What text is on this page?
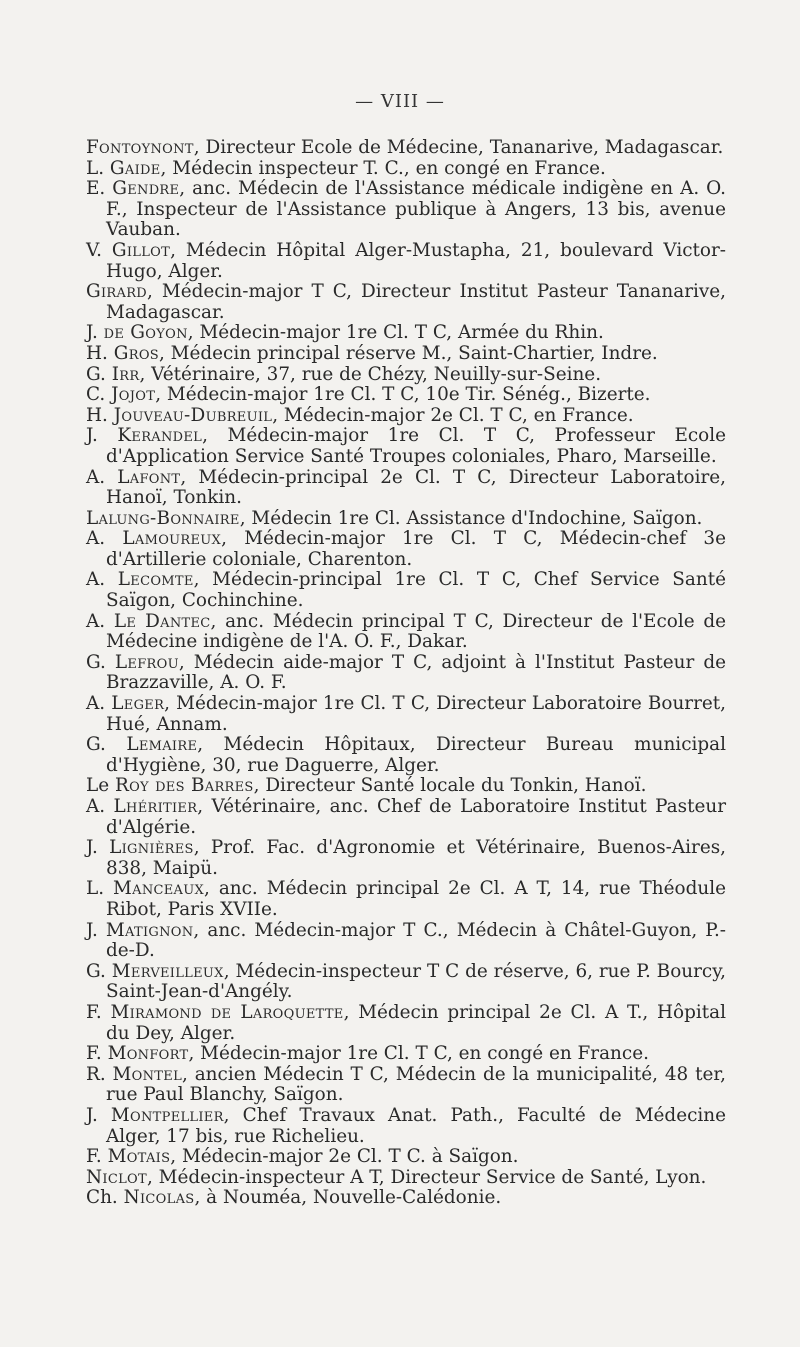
— VIII —
Fontoynont, Directeur Ecole de Médecine, Tananarive, Madagascar.
L. Gaide, Médecin inspecteur T. C., en congé en France.
E. Gendre, anc. Médecin de l'Assistance médicale indigène en A. O. F., Inspecteur de l'Assistance publique à Angers, 13 bis, avenue Vauban.
V. Gillot, Médecin Hôpital Alger-Mustapha, 21, boulevard Victor-Hugo, Alger.
Girard, Médecin-major T C, Directeur Institut Pasteur Tananarive, Madagascar.
J. de Goyon, Médecin-major 1re Cl. T C, Armée du Rhin.
H. Gros, Médecin principal réserve M., Saint-Chartier, Indre.
G. Irr, Vétérinaire, 37, rue de Chézy, Neuilly-sur-Seine.
C. Jojot, Médecin-major 1re Cl. T C, 10e Tir. Sénég., Bizerte.
H. Jouveau-Dubreuil, Médecin-major 2e Cl. T C, en France.
J. Kerandel, Médecin-major 1re Cl. T C, Professeur Ecole d'Application Service Santé Troupes coloniales, Pharo, Marseille.
A. Lafont, Médecin-principal 2e Cl. T C, Directeur Laboratoire, Hanoï, Tonkin.
Lalung-Bonnaire, Médecin 1re Cl. Assistance d'Indochine, Saïgon.
A. Lamoureux, Médecin-major 1re Cl. T C, Médecin-chef 3e d'Artillerie coloniale, Charenton.
A. Lecomte, Médecin-principal 1re Cl. T C, Chef Service Santé Saïgon, Cochinchine.
A. Le Dantec, anc. Médecin principal T C, Directeur de l'Ecole de Médecine indigène de l'A. O. F., Dakar.
G. Lefrou, Médecin aide-major T C, adjoint à l'Institut Pasteur de Brazzaville, A. O. F.
A. Leger, Médecin-major 1re Cl. T C, Directeur Laboratoire Bourret, Hué, Annam.
G. Lemaire, Médecin Hôpitaux, Directeur Bureau municipal d'Hygiène, 30, rue Daguerre, Alger.
Le Roy des Barres, Directeur Santé locale du Tonkin, Hanoï.
A. Lhéritier, Vétérinaire, anc. Chef de Laboratoire Institut Pasteur d'Algérie.
J. Lignières, Prof. Fac. d'Agronomie et Vétérinaire, Buenos-Aires, 838, Maipü.
L. Manceaux, anc. Médecin principal 2e Cl. A T, 14, rue Théodule Ribot, Paris XVIIe.
J. Matignon, anc. Médecin-major T C., Médecin à Châtel-Guyon, P.-de-D.
G. Merveilleux, Médecin-inspecteur T C de réserve, 6, rue P. Bourcy, Saint-Jean-d'Angély.
F. Miramond de Laroquette, Médecin principal 2e Cl. A T., Hôpital du Dey, Alger.
F. Monfort, Médecin-major 1re Cl. T C, en congé en France.
R. Montel, ancien Médecin T C, Médecin de la municipalité, 48 ter, rue Paul Blanchy, Saïgon.
J. Montpellier, Chef Travaux Anat. Path., Faculté de Médecine Alger, 17 bis, rue Richelieu.
F. Motais, Médecin-major 2e Cl. T C. à Saïgon.
Niclot, Médecin-inspecteur A T, Directeur Service de Santé, Lyon.
Ch. Nicolas, à Nouméa, Nouvelle-Calédonie.
